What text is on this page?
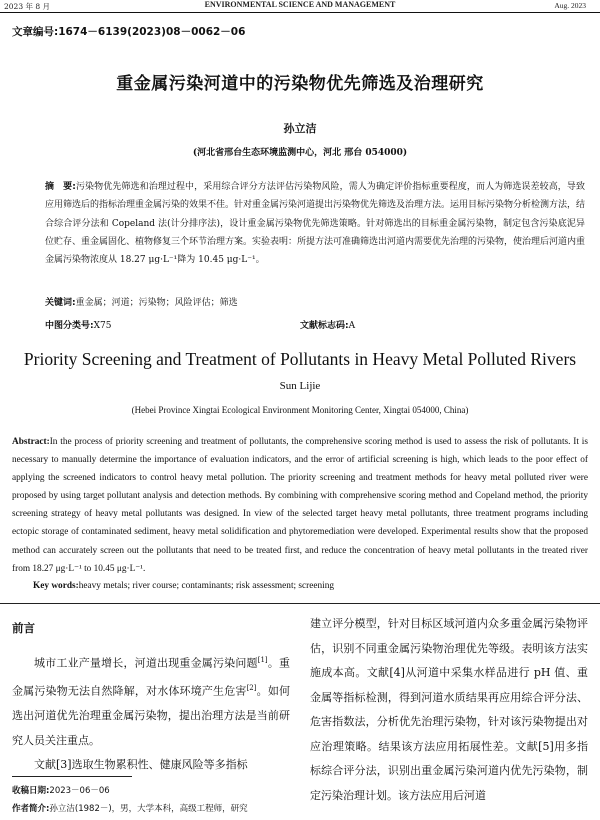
2023 年 8 月	ENVIRONMENTAL SCIENCE AND MANAGEMENT	Aug. 2023
文章编号:1674－6139(2023)08－0062－06
重金属污染河道中的污染物优先筛选及治理研究
孙立洁
(河北省邢台生态环境监测中心，河北 邢台 054000)
摘　要:污染物优先筛选和治理过程中，采用综合评分方法评估污染物风险，需人为确定评价指标重要程度，而人为筛选误差较高，导致应用筛选后的指标治理重金属污染的效果不佳。针对重金属污染河道提出污染物优先筛选及治理方法。运用目标污染物分析检测方法，结合综合评分法和 Copeland 法(计分排序法)，设计重金属污染物优先筛选策略。针对筛选出的目标重金属污染物，制定包含污染底泥异位贮存、重金属固化、植物修复三个环节治理方案。实验表明：所提方法可准确筛选出河道内需要优先治理的污染物，使治理后河道内重金属污染物浓度从 18.27 μg·L⁻¹降为 10.45 μg·L⁻¹。
关键词:重金属；河道；污染物；风险评估；筛选
中图分类号:X75	文献标志码:A
Priority Screening and Treatment of Pollutants in Heavy Metal Polluted Rivers
Sun Lijie
(Hebei Province Xingtai Ecological Environment Monitoring Center, Xingtai 054000, China)
Abstract:In the process of priority screening and treatment of pollutants, the comprehensive scoring method is used to assess the risk of pollutants. It is necessary to manually determine the importance of evaluation indicators, and the error of artificial screening is high, which leads to the poor effect of applying the screened indicators to control heavy metal pollution. The priority screening and treatment methods for heavy metal polluted river were proposed by using target pollutant analysis and detection methods. By combining with comprehensive scoring method and Copeland method, the priority screening strategy of heavy metal pollutants was designed. In view of the selected target heavy metal pollutants, three treatment programs including ectopic storage of contaminated sediment, heavy metal solidification and phytoremediation were developed. Experimental results show that the proposed method can accurately screen out the pollutants that need to be treated first, and reduce the concentration of heavy metal pollutants in the treated river from 18.27 μg·L⁻¹ to 10.45 μg·L⁻¹.
Key words:heavy metals; river course; contaminants; risk assessment; screening
前言

城市工业产量增长，河道出现重金属污染问题[1]。重金属污染物无法自然降解，对水体环境产生危害[2]。如何选出河道优先治理重金属污染物，提出治理方法是当前研究人员关注重点。

文献[3]选取生物累积性、健康风险等多指标

建立评分模型，针对目标区域河道内众多重金属污染物评估，识别不同重金属污染物治理优先等级。表明该方法实施成本高。文献[4]从河道中采集水样品进行 pH 值、重金属等指标检测，得到河道水质结果再应用综合评分法、危害指数法，分析优先治理污染物，针对该污染物提出对应治理策略。结果该方法应用拓展性差。文献[5]用多指标综合评分法，识别出重金属污染河道内优先污染物，制定污染治理计划。该方法应用后河道

收稿日期:2023－06－06
作者简介:孙立洁(1982－)，男，大学本科，高级工程师，研究
